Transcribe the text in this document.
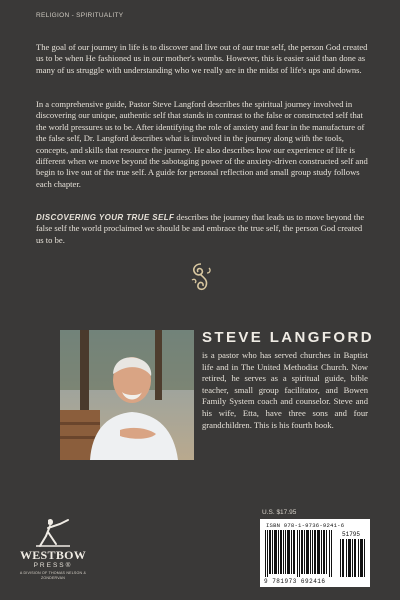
RELIGION - SPIRITUALITY

The goal of our journey in life is to discover and live out of our true self, the person God created us to be when He fashioned us in our mother's wombs. However, this is easier said than done as many of us struggle with understanding who we really are in the midst of life's ups and downs.

In a comprehensive guide, Pastor Steve Langford describes the spiritual journey involved in discovering our unique, authentic self that stands in contrast to the false or constructed self that the world pressures us to be. After identifying the role of anxiety and fear in the manufacture of the false self, Dr. Langford describes what is involved in the journey along with the tools, concepts, and skills that resource the journey. He also describes how our experience of life is different when we move beyond the sabotaging power of the anxiety-driven constructed self and begin to live out of the true self. A guide for personal reflection and small group study follows each chapter.

DISCOVERING YOUR TRUE SELF describes the journey that leads us to move beyond the false self the world proclaimed we should be and embrace the true self, the person God created us to be.

STEVE LANGFORD

is a pastor who has served churches in Baptist life and in The United Methodist Church. Now retired, he serves as a spiritual guide, bible teacher, small group facilitator, and Bowen Family System coach and counselor. Steve and his wife, Etta, have three sons and four grandchildren. This is his fourth book.

U.S. $17.95
ISBN 978-1-9736-9241-6
51795
9 781973 692416
WESTBOW
PRESS®
A DIVISION OF THOMAS NELSON & ZONDERVAN
